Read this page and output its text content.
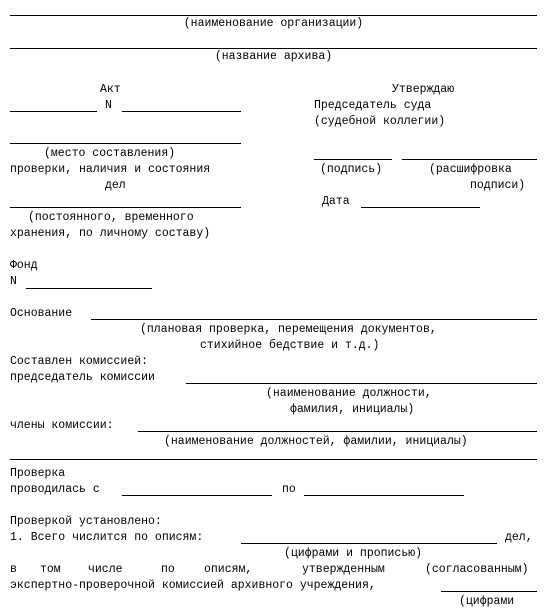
(наименование организации)
(название архива)
Акт
N
(место составления)
проверки, наличия и состояния
дел
(постоянного, временного
хранения, по личному составу)
Утверждаю
Председатель суда
(судебной коллегии)
(подпись)	(расшифровка
подписи)
Дата
Фонд
N
Основание
(плановая проверка, перемещения документов,
стихийное бедствие и т.д.)
Составлен комиссией:
председатель комиссии
(наименование должности,
фамилия, инициалы)
члены комиссии:
(наименование должностей, фамилии, инициалы)
Проверка
проводилась с	по
Проверкой установлено:
1. Всего числится по описям:	дел,
(цифрами и прописью)
в том числе	по	описям,	утвержденным	(согласованным)
экспертно-проверочной комиссией архивного учреждения,
(цифрами
